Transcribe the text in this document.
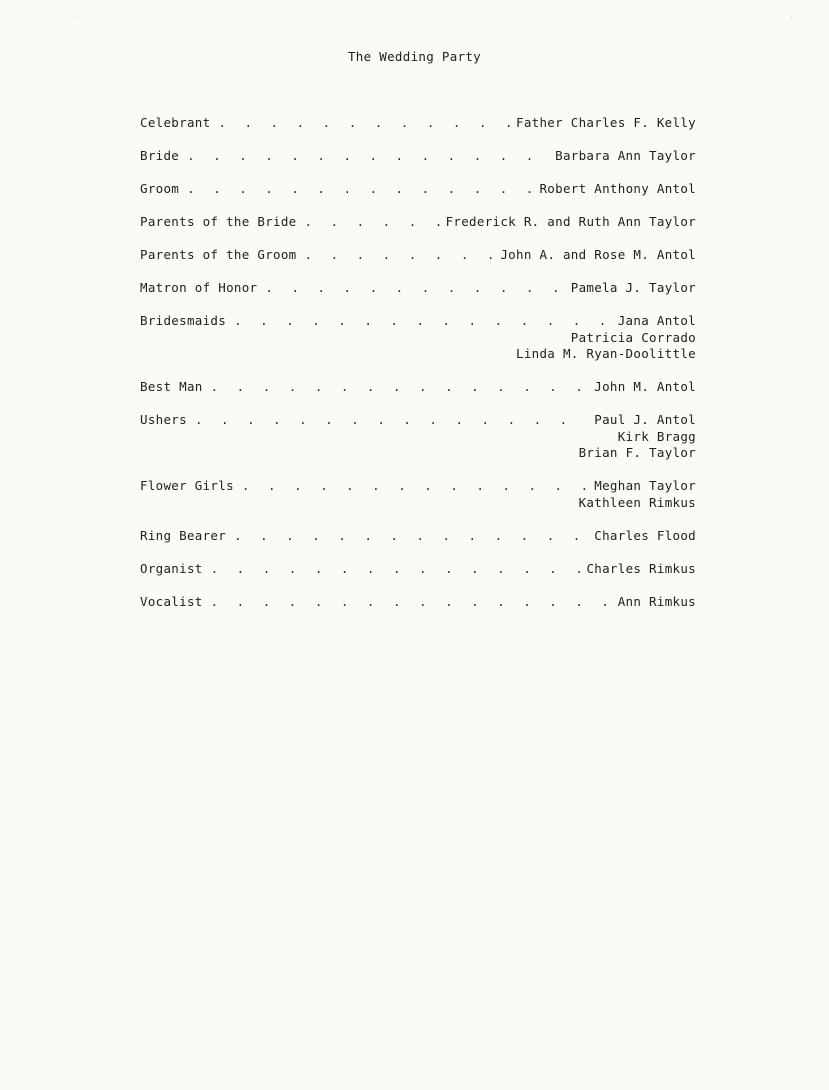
·	·
The Wedding Party
Celebrant . . .	Father Charles F. Kelly
Bride . . .	Barbara Ann Taylor
Groom . . .	Robert Anthony Antol
Parents of the Bride . . .	Frederick R. and Ruth Ann Taylor
Parents of the Groom . . .	John A. and Rose M. Antol
Matron of Honor . . .	Pamela J. Taylor
Bridesmaids . . .	Jana Antol
Patricia Corrado
Linda M. Ryan-Doolittle
Best Man . . .	John M. Antol
Ushers . . .	Paul J. Antol
Kirk Bragg
Brian F. Taylor
Flower Girls . . .	Meghan Taylor
Kathleen Rimkus
Ring Bearer . . .	Charles Flood
Organist . . .	Charles Rimkus
Vocalist . . .	Ann Rimkus
